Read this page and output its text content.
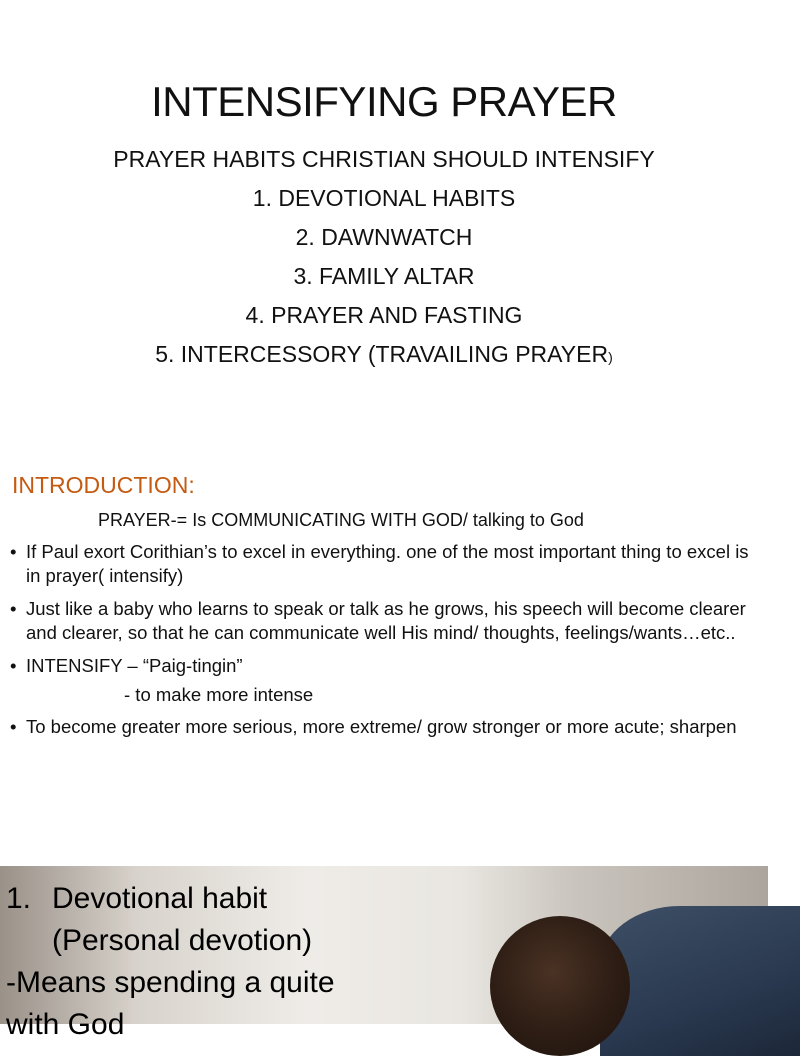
INTENSIFYING PRAYER
PRAYER HABITS CHRISTIAN SHOULD INTENSIFY
1. DEVOTIONAL HABITS
2. DAWNWATCH
3. FAMILY ALTAR
4. PRAYER AND FASTING
5. INTERCESSORY (TRAVAILING PRAYER)
INTRODUCTION:
PRAYER-= Is COMMUNICATING WITH GOD/ talking to God
• If Paul exort Corithian’s to excel in everything. one of the most important thing to excel is in prayer( intensify)
• Just like a baby who learns to speak or talk as he grows, his speech will become clearer and clearer, so that he can communicate well His mind/ thoughts, feelings/wants…etc..
• INTENSIFY – “Paig-tingin”
- to make more intense
• To become greater more serious, more extreme/ grow stronger or more acute; sharpen
1. Devotional habit
(Personal devotion)
-Means spending a quite
with God
